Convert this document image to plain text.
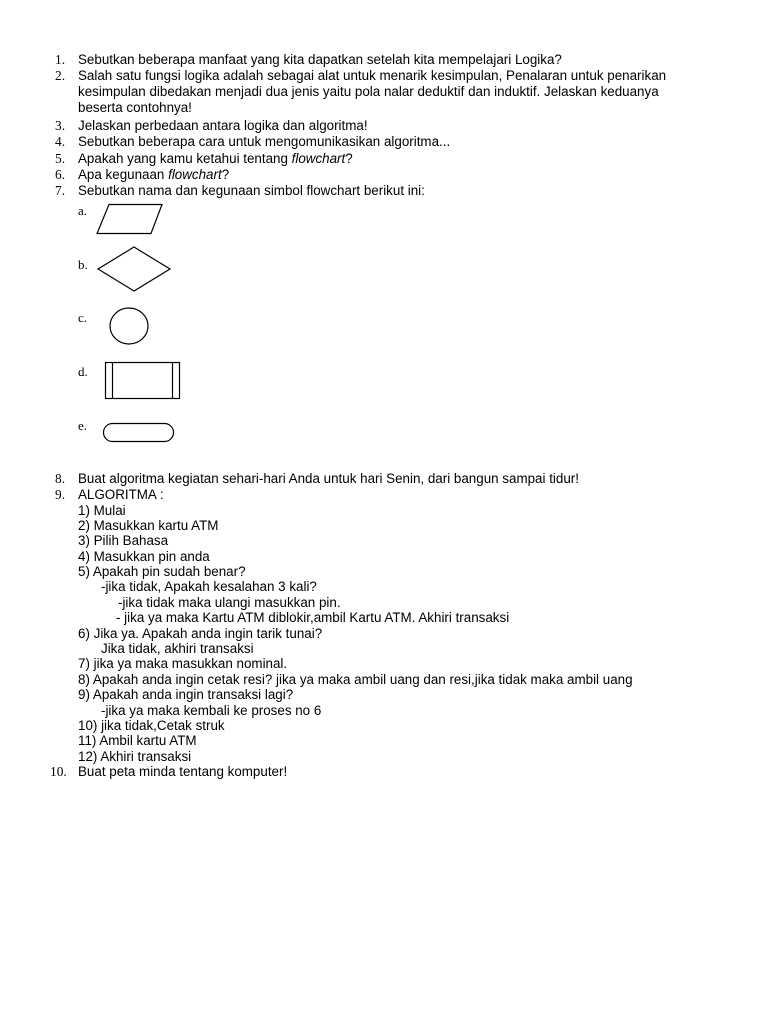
1. Sebutkan beberapa manfaat yang kita dapatkan setelah kita mempelajari Logika?
2. Salah satu fungsi logika adalah sebagai alat untuk menarik kesimpulan, Penalaran untuk penarikan
kesimpulan dibedakan menjadi dua jenis yaitu pola nalar deduktif dan induktif. Jelaskan keduanya
beserta contohnya!
3. Jelaskan perbedaan antara logika dan algoritma!
4. Sebutkan beberapa cara untuk mengomunikasikan algoritma...
5. Apakah yang kamu ketahui tentang flowchart?
6. Apa kegunaan flowchart?
7. Sebutkan nama dan kegunaan simbol flowchart berikut ini:
a.
b.
c.
d.
e.
8. Buat algoritma kegiatan sehari-hari Anda untuk hari Senin, dari bangun sampai tidur!
9. ALGORITMA :
1) Mulai
2) Masukkan kartu ATM
3) Pilih Bahasa
4) Masukkan pin anda
5) Apakah pin sudah benar?
-jika tidak, Apakah kesalahan 3 kali?
-jika tidak maka ulangi masukkan pin.
- jika ya maka Kartu ATM diblokir,ambil Kartu ATM. Akhiri transaksi
6) Jika ya. Apakah anda ingin tarik tunai?
Jika tidak, akhiri transaksi
7) jika ya maka masukkan nominal.
8) Apakah anda ingin cetak resi? jika ya maka ambil uang dan resi,jika tidak maka ambil uang
9) Apakah anda ingin transaksi lagi?
-jika ya maka kembali ke proses no 6
10) jika tidak,Cetak struk
11) Ambil kartu ATM
12) Akhiri transaksi
10. Buat peta minda tentang komputer!
